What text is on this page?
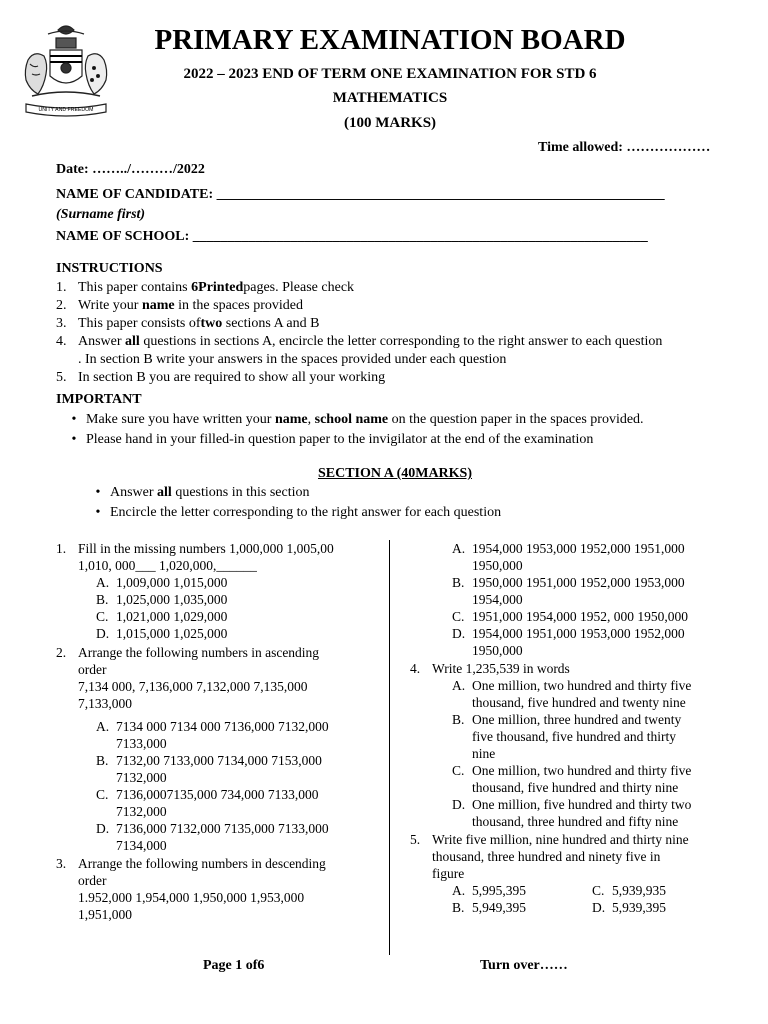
UNITY AND FREEDOM
PRIMARY EXAMINATION BOARD
2022 – 2023 END OF TERM ONE EXAMINATION FOR STD 6
MATHEMATICS
(100 MARKS)
Time allowed: ………………
Date: ……../………/2022
NAME OF CANDIDATE: ________________________________________________________________
(Surname first)
NAME OF SCHOOL: _________________________________________________________________
INSTRUCTIONS
1. This paper contains 6Printedpages. Please check
2. Write your name in the spaces provided
3. This paper consists oftwo sections A and B
4. Answer all questions in sections A, encircle the letter corresponding to the right answer to each question
. In section B write your answers in the spaces provided under each question
5. In section B you are required to show all your working
IMPORTANT
• Make sure you have written your name, school name on the question paper in the spaces provided.
• Please hand in your filled-in question paper to the invigilator at the end of the examination
SECTION A (40MARKS)
• Answer all questions in this section
• Encircle the letter corresponding to the right answer for each question
1. Fill in the missing numbers 1,000,000 1,005,00
1,010, 000___ 1,020,000,______
A. 1,009,000 1,015,000
B. 1,025,000 1,035,000
C. 1,021,000 1,029,000
D. 1,015,000 1,025,000
2. Arrange the following numbers in ascending
order
7,134 000, 7,136,000 7,132,000 7,135,000
7,133,000
A. 7134 000 7134 000 7136,000 7132,000
7133,000
B. 7132,00 7133,000 7134,000 7153,000
7132,000
C. 7136,0007135,000 734,000 7133,000
7132,000
D. 7136,000 7132,000 7135,000 7133,000
7134,000
3. Arrange the following numbers in descending
order
1.952,000 1,954,000 1,950,000 1,953,000
1,951,000
A. 1954,000 1953,000 1952,000 1951,000
1950,000
B. 1950,000 1951,000 1952,000 1953,000
1954,000
C. 1951,000 1954,000 1952, 000 1950,000
D. 1954,000 1951,000 1953,000 1952,000
1950,000
4. Write 1,235,539 in words
A. One million, two hundred and thirty five
thousand, five hundred and twenty nine
B. One million, three hundred and twenty
five thousand, five hundred and thirty
nine
C. One million, two hundred and thirty five
thousand, five hundred and thirty nine
D. One million, five hundred and thirty two
thousand, three hundred and fifty nine
5. Write five million, nine hundred and thirty nine
thousand, three hundred and ninety five in
figure
A. 5,995,395	C. 5,939,935
B. 5,949,395	D. 5,939,395
Page 1 of6	Turn over……
